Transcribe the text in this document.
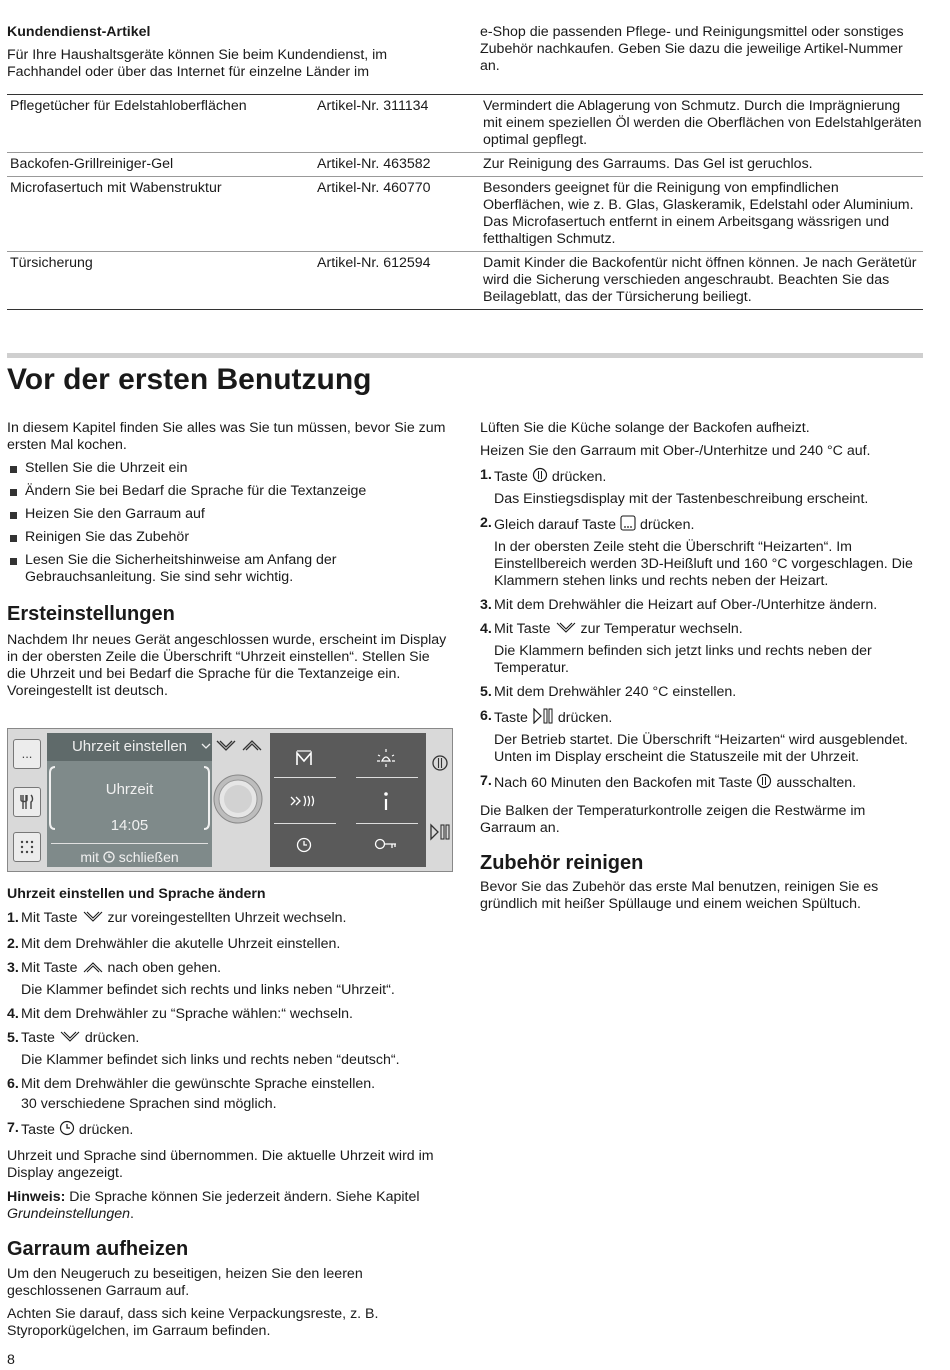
Kundendienst-Artikel

Für Ihre Haushaltsgeräte können Sie beim Kundendienst, im Fachhandel oder über das Internet für einzelne Länder im

e-Shop die passenden Pflege- und Reinigungsmittel oder sonstiges Zubehör nachkaufen. Geben Sie dazu die jeweilige Artikel-Nummer an.
Pflegetücher für Edelstahloberflächen	Artikel-Nr. 311134	Vermindert die Ablagerung von Schmutz. Durch die Imprägnierung mit einem speziellen Öl werden die Oberflächen von Edelstahlgeräten optimal gepflegt.
Backofen-Grillreiniger-Gel	Artikel-Nr. 463582	Zur Reinigung des Garraums. Das Gel ist geruchlos.
Microfasertuch mit Wabenstruktur	Artikel-Nr. 460770	Besonders geeignet für die Reinigung von empfindlichen Oberflächen, wie z. B. Glas, Glaskeramik, Edelstahl oder Aluminium. Das Microfasertuch entfernt in einem Arbeitsgang wässrigen und fetthaltigen Schmutz.
Türsicherung	Artikel-Nr. 612594	Damit Kinder die Backofentür nicht öffnen können. Je nach Gerätetür wird die Sicherung verschieden angeschraubt. Beachten Sie das Beilageblatt, das der Türsicherung beiliegt.
Vor der ersten Benutzung

In diesem Kapitel finden Sie alles was Sie tun müssen, bevor Sie zum ersten Mal kochen.

Stellen Sie die Uhrzeit ein
Ändern Sie bei Bedarf die Sprache für die Textanzeige
Heizen Sie den Garraum auf
Reinigen Sie das Zubehör
Lesen Sie die Sicherheitshinweise am Anfang der Gebrauchsanleitung. Sie sind sehr wichtig.
Ersteinstellungen

Nachdem Ihr neues Gerät angeschlossen wurde, erscheint im Display in der obersten Zeile die Überschrift “Uhrzeit einstellen“. Stellen Sie die Uhrzeit und bei Bedarf die Sprache für die Textanzeige ein. Voreingestellt ist deutsch.

...	Uhrzeit einstellen
Uhrzeit
14:05
mit schließen

Uhrzeit einstellen und Sprache ändern

1. Mit Taste zur voreingestellten Uhrzeit wechseln.
2. Mit dem Drehwähler die akutelle Uhrzeit einstellen.
3. Mit Taste nach oben gehen.
Die Klammer befindet sich rechts und links neben “Uhrzeit“.
4. Mit dem Drehwähler zu “Sprache wählen:“ wechseln.
5. Taste drücken.
Die Klammer befindet sich links und rechts neben “deutsch“.
6. Mit dem Drehwähler die gewünschte Sprache einstellen.
30 verschiedene Sprachen sind möglich.
7. Taste drücken.

Uhrzeit und Sprache sind übernommen. Die aktuelle Uhrzeit wird im Display angezeigt.

Hinweis: Die Sprache können Sie jederzeit ändern. Siehe Kapitel Grundeinstellungen.

Garraum aufheizen

Um den Neugeruch zu beseitigen, heizen Sie den leeren geschlossenen Garraum auf.

Achten Sie darauf, dass sich keine Verpackungsreste, z. B. Styroporkügelchen, im Garraum befinden.

Lüften Sie die Küche solange der Backofen aufheizt.

Heizen Sie den Garraum mit Ober-/Unterhitze und 240 °C auf.

1. Taste drücken.
Das Einstiegsdisplay mit der Tastenbeschreibung erscheint.
2. Gleich darauf Taste drücken.
In der obersten Zeile steht die Überschrift “Heizarten“. Im Einstellbereich werden 3D-Heißluft und 160 °C vorgeschlagen. Die Klammern stehen links und rechts neben der Heizart.
3. Mit dem Drehwähler die Heizart auf Ober-/Unterhitze ändern.
4. Mit Taste zur Temperatur wechseln.
Die Klammern befinden sich jetzt links und rechts neben der Temperatur.
5. Mit dem Drehwähler 240 °C einstellen.
6. Taste drücken.
Der Betrieb startet. Die Überschrift “Heizarten“ wird ausgeblendet. Unten im Display erscheint die Statuszeile mit der Uhrzeit.
7. Nach 60 Minuten den Backofen mit Taste ausschalten.

Die Balken der Temperaturkontrolle zeigen die Restwärme im Garraum an.

Zubehör reinigen

Bevor Sie das Zubehör das erste Mal benutzen, reinigen Sie es gründlich mit heißer Spüllauge und einem weichen Spültuch.

8
